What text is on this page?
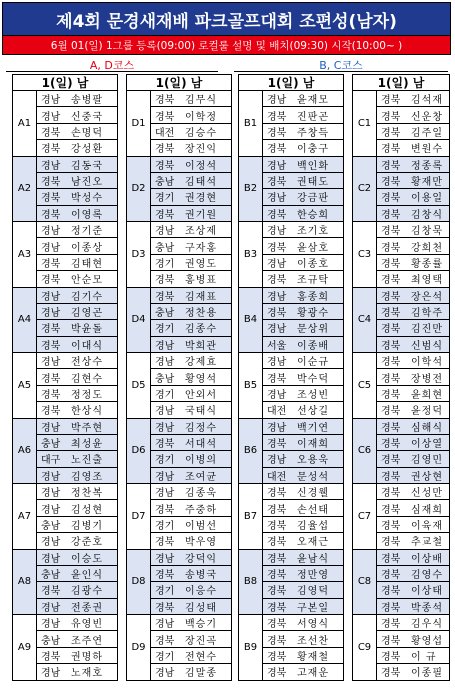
제4회 문경새재배 파크골프대회 조편성(남자)
6월 01(일) 1그룹 등록(09:00) 로컬룰 설명 및 배치(09:30) 시작(10:00~ )
A, D코스	B, C코스
1(일) 남
A1
경남	송병팔
경남	신중국
경북	손명덕
경북	강성환
A2
경남	김동국
경북	남진오
경북	박성수
경북	이영록
A3
경남	정기준
경남	이종상
경북	김태현
경북	안순모
A4
경남	김기수
경남	김영곤
경북	박윤돌
경북	이대식
A5
경남	전상수
경북	김현수
경북	정정도
경북	한상식
A6
경남	박주현
충남	최성윤
대구	노진출
경남	김영조
A7
경남	정찬복
경남	김성현
충남	김병기
경남	강준호
A8
경남	이승도
충남	윤인식
경북	김광수
경남	전종권
A9
경남	유영빈
충남	조주연
경북	권명하
경남	노재호
1(일) 남
D1
경북	김무식
경북	이학정
대전	김승수
경북	장진익
D2
경북	이정석
충남	김태석
경기	권경현
경북	권기원
D3
경남	조상제
충남	구자홍
경기	권영도
경북	홍병표
D4
경북	김재표
충남	정찬용
경기	김종수
경남	박희관
D5
경남	강제효
충남	황영석
경기	안외서
경남	국태식
D6
경남	김정수
경북	서대석
경기	이병의
경남	조여균
D7
경남	김종욱
경북	주중하
경기	이범선
경북	박우영
D8
경남	강덕익
경북	송병국
경기	이응수
경북	김성태
D9
경남	백승기
경북	장진곡
경기	전현수
경남	김말종
1(일) 남
B1
경남	윤재모
경북	진판곤
경북	주창득
경북	이충구
B2
경남	백인화
경북	권태도
경남	강금판
경북	한승희
B3
경남	조기호
경북	윤삼호
경남	이종호
경북	조규탁
B4
경남	홍종희
경북	황광수
경남	문상위
서울	이종배
B5
경남	이순규
경북	박수덕
경남	조성빈
대전	선상길
B6
경남	백기연
경북	이재희
경남	오용욱
대전	문성석
B7
경북	신경웰
경북	손선태
경북	김율섭
경북	오재근
B8
경북	윤남식
경북	정만영
경북	김영덕
경북	구본일
B9
경북	서영식
경북	조선찬
경북	황재철
경북	고재운
1(일) 남
C1
경북	김석재
경북	신운창
경북	김주일
경북	변원수
C2
경북	정종록
경북	황재만
경북	이용일
경북	김창식
C3
경북	김창묵
경북	강희천
경북	황종률
경북	최영택
C4
경북	장은석
경북	김학주
경북	김진만
경북	신범식
C5
경북	이학석
경북	장병전
경북	윤희현
경북	윤정덕
C6
경북	심해식
경북	이상열
경북	김영민
경북	권상현
C7
경북	신성만
경북	심재희
경북	이육재
경북	추교철
C8
경북	이상배
경북	김영수
경북	이상태
경북	박종석
C9
경북	김우식
경북	황영섭
경북	이 규
경북	이종필
